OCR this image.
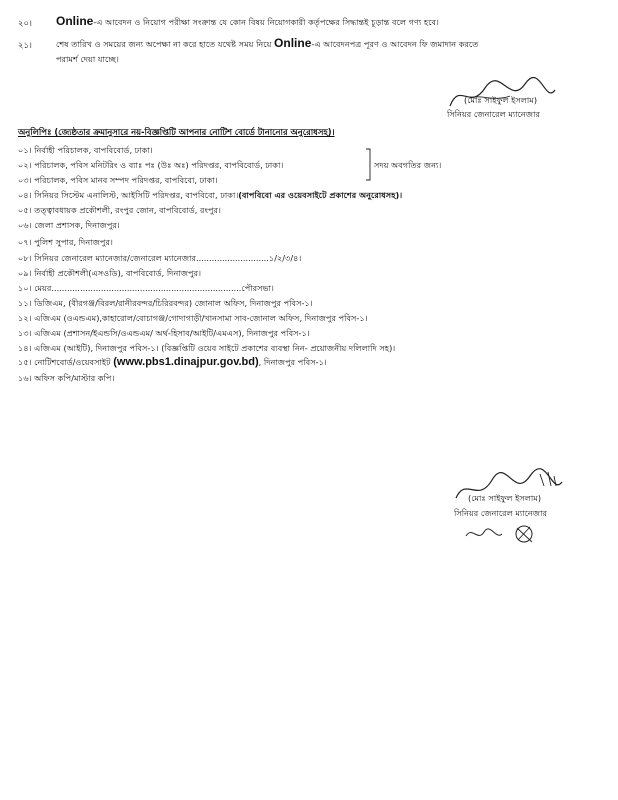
২০। Online-এ আবেদন ও নিয়োগ পরীক্ষা সংক্রান্ত যে কোন বিষয় নিয়োগকারী কর্তৃপক্ষের সিদ্ধান্তই চূড়ান্ত বলে গণ্য হবে।
২১।	শেষ তারিখ ও সময়ের জন্য অপেক্ষা না করে হাতে যথেষ্ট সময় নিয়ে Online-এ আবেদনপত্র পূরণ ও আবেদন ফি জমাদান করতে
পরামর্শ দেয়া যাচ্ছে।
(মোঃ সাইফুল ইসলাম)
সিনিয়র জেনারেল ম্যানেজার
অনুলিপিঃ (জ্যেষ্ঠতার ক্রমানুসারে নয়-বিজ্ঞপ্তিটি আপনার নোটিশ বোর্ডে টানানোর অনুরোধসহ)।
০১। নির্বাহী পরিচালক, বাপবিবোর্ড, ঢাকা।
০২। পরিচালক, পবিস মনিটরিং ও ব্যাঃ পঃ (উঃ অঃ) পরিদপ্তর, বাপবিবোর্ড, ঢাকা।	সদয় অবগতির জন্য।
০৩। পরিচালক, পবিস মানব সম্পদ পরিদপ্তর, বাপবিবো, ঢাকা।
০৪। সিনিয়র সিস্টেম এনালিস্ট, আইসিটি পরিদপ্তর, বাপবিবো, ঢাকা।(বাপবিবো এর ওয়েবসাইটে প্রকাশের অনুরোধসহ)।
০৫। তত্ত্বাবধায়ক প্রকৌশলী, রংপুর জোন, বাপবিবোর্ড, রংপুর।
০৬। জেলা প্রশাসক, দিনাজপুর।
০৭। পুলিশ সুপার, দিনাজপুর।
০৮। সিনিয়র জেনারেল ম্যানেজার/জেনারেল ম্যানেজার............................১/২/৩/৪।
০৯। নির্বাহী প্রকৌশলী(এসওডি), বাপবিবোর্ড, দিনাজপুর।
১০। মেয়র.........................................................................পৌরসভা।
১১। ডিজিএম, (বীরগঞ্জ/বিরল/রানীরবন্দর/চিরিরবন্দর) জোনাল অফিস, দিনাজপুর পবিস-১।
১২। এজিএম (ওএন্ডএম),কাহারোল/বোচাগঞ্জ/গোদাগাড়ী/খানসামা সাব-জোনাল অফিস, দিনাজপুর পবিস-১।
১৩। এজিএম (প্রশাসন/ইএন্ডসি/ওএন্ডএম/ অর্থ-হিসাব/আইটি/এমএস), দিনাজপুর পবিস-১।
১৪। এজিএম (আইটি), দিনাজপুর পবিস-১। (বিজ্ঞপ্তিটি ওয়েব সাইটে প্রকাশের ব্যবস্থা নিন- প্রয়োজনীয় দলিলাদি সহ)।
১৫। নোটিশবোর্ড/ওয়েবসাইট (www.pbs1.dinajpur.gov.bd), দিনাজপুর পবিস-১।
১৬। অফিস কপি/মাস্টার কপি।
(মোঃ সাইফুল ইসলাম)
সিনিয়র জেনারেল ম্যানেজার
